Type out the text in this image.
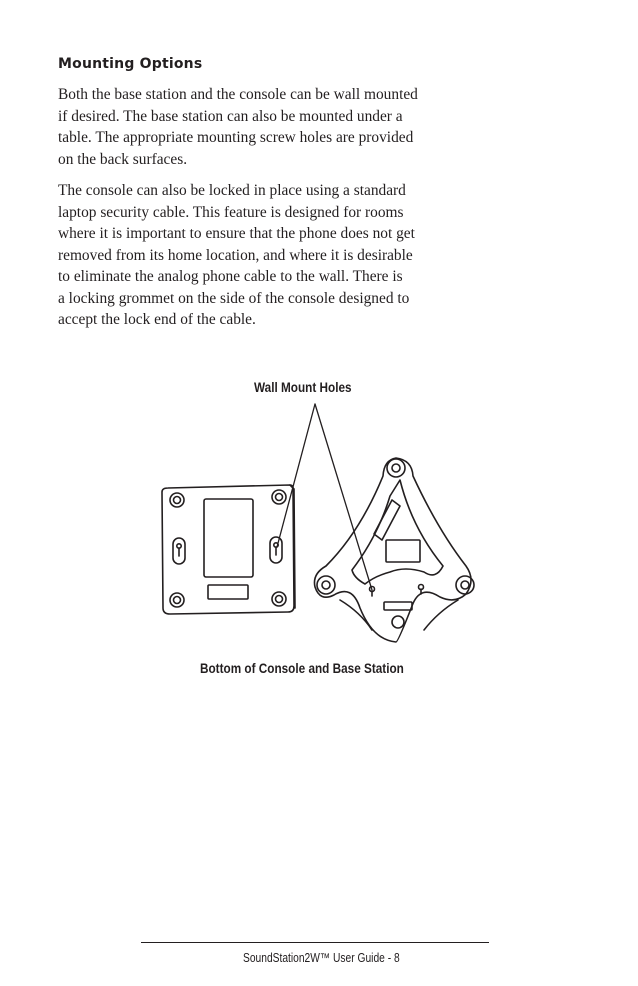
Mounting Options

Both the base station and the console can be wall mounted
if desired. The base station can also be mounted under a
table. The appropriate mounting screw holes are provided
on the back surfaces.

The console can also be locked in place using a standard
laptop security cable. This feature is designed for rooms
where it is important to ensure that the phone does not get
removed from its home location, and where it is desirable
to eliminate the analog phone cable to the wall. There is
a locking grommet on the side of the console designed to
accept the lock end of the cable.

Wall Mount Holes
Bottom of Console and Base Station
SoundStation2W™ User Guide - 8
